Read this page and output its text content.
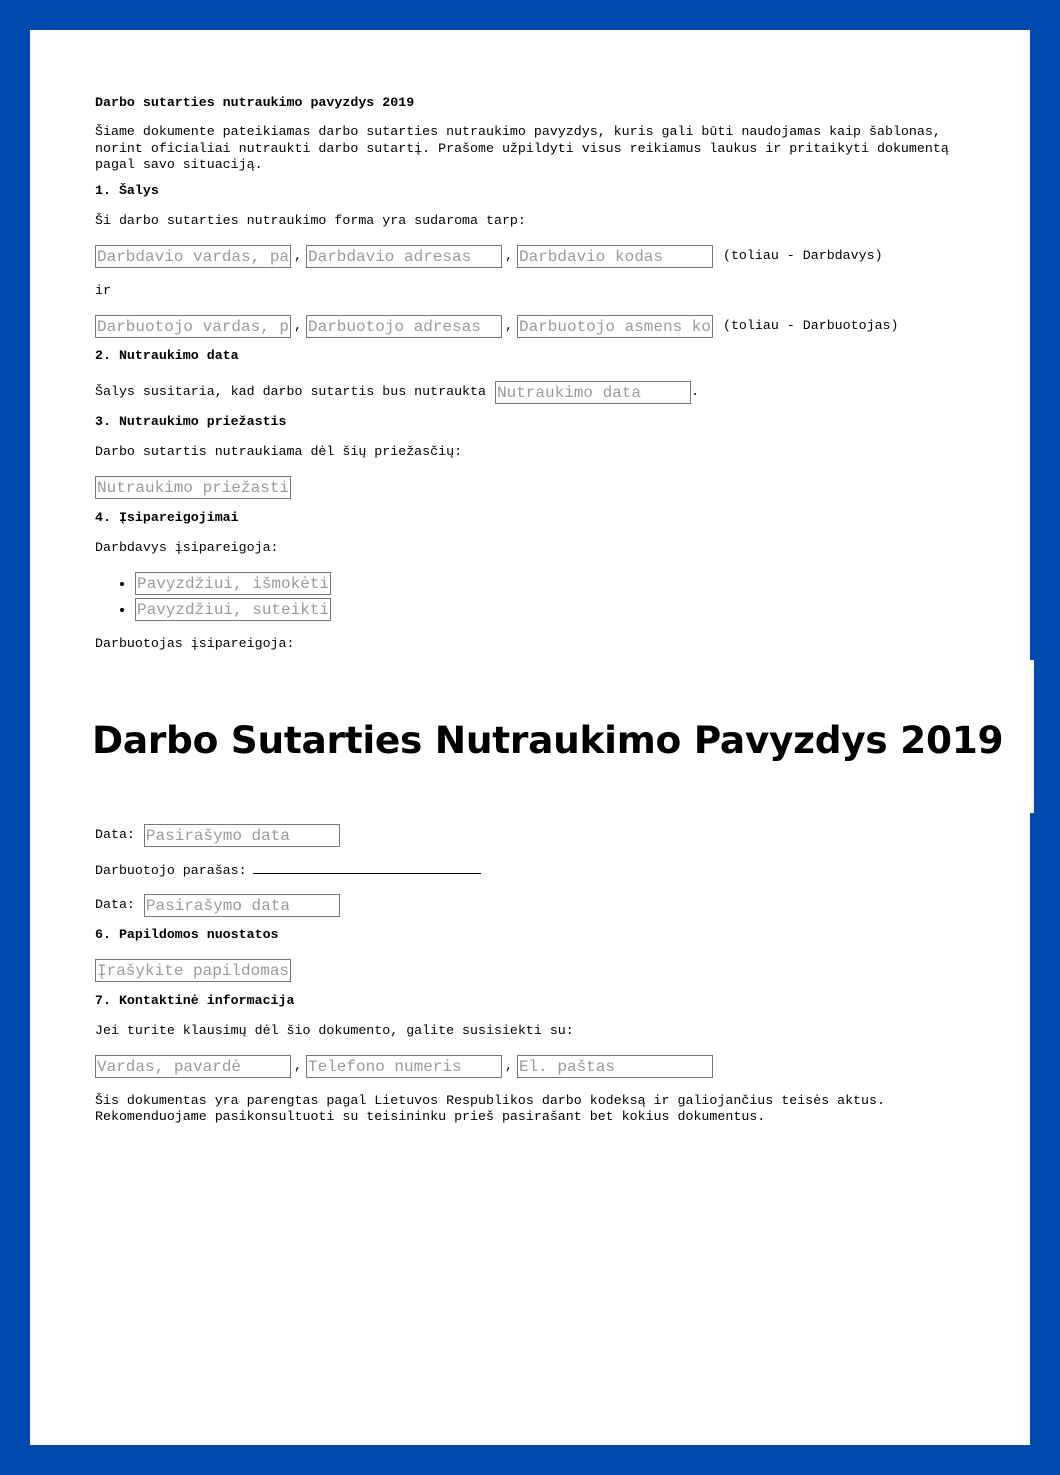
Darbo sutarties nutraukimo pavyzdys 2019
Šiame dokumente pateikiamas darbo sutarties nutraukimo pavyzdys, kuris gali būti naudojamas kaip šablonas, norint oficialiai nutraukti darbo sutartį. Prašome užpildyti visus reikiamus laukus ir pritaikyti dokumentą pagal savo situaciją.
1. Šalys
Ši darbo sutarties nutraukimo forma yra sudaroma tarp:
Darbdavio vardas, pavardė
,
Darbdavio adresas	,
Darbdavio kodas	(toliau - Darbdavys)
ir
Darbuotojo vardas, pavardė
,
Darbuotojo adresas	,
Darbuotojo asmens kodas	(toliau - Darbuotojas)
2. Nutraukimo data
Šalys susitaria, kad darbo sutartis bus nutraukta
Nutraukimo data	.
3. Nutraukimo priežastis
Darbo sutartis nutraukiama dėl šių priežasčių:
Nutraukimo priežastis
4. Įsipareigojimai
Darbdavys įsipareigoja:
• Pavyzdžiui, išmokėti
• Pavyzdžiui, suteikti
Darbuotojas įsipareigoja:
Data:
Pasirašymo data
Darbuotojo parašas:
Data:
Pasirašymo data
6. Papildomos nuostatos
Įrašykite papildomas nuostatas
7. Kontaktinė informacija
Jei turite klausimų dėl šio dokumento, galite susisiekti su:
Vardas, pavardė
,
Telefono numeris	,
El. paštas
Šis dokumentas yra parengtas pagal Lietuvos Respublikos darbo kodeksą ir galiojančius teisės aktus.
Rekomenduojame pasikonsultuoti su teisininku prieš pasirašant bet kokius dokumentus.
Darbo Sutarties Nutraukimo Pavyzdys 2019
